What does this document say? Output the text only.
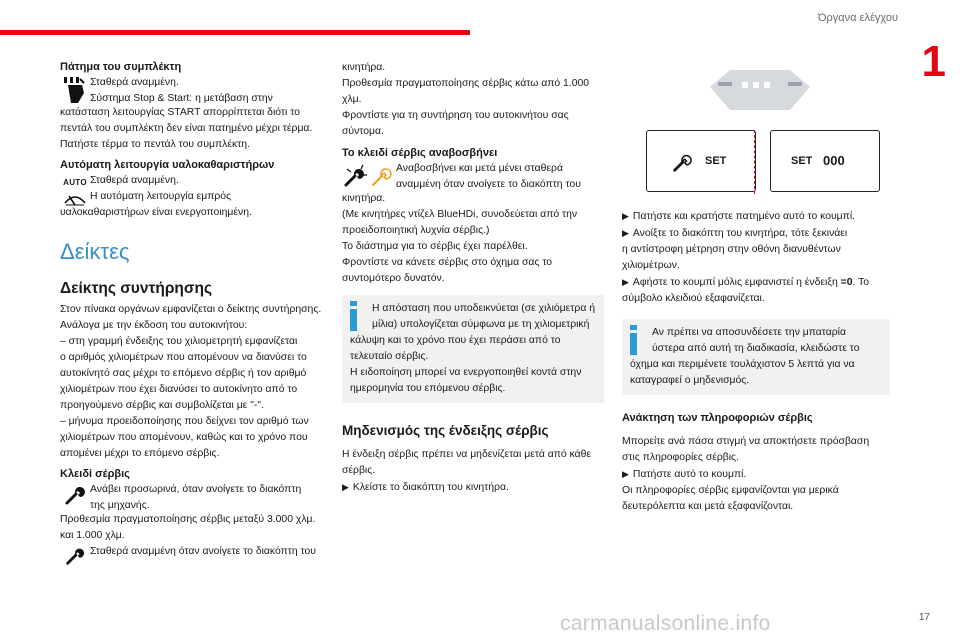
Όργανα ελέγχου
1
17
carmanualsonline.info

Πάτημα του συμπλέκτη

Σταθερά αναμμένη.

Σύστημα Stop & Start: η μετάβαση στην

κατάσταση λειτουργίας START απορρίπτεται διότι το

πεντάλ του συμπλέκτη δεν είναι πατημένο μέχρι τέρμα.

Πατήστε τέρμα το πεντάλ του συμπλέκτη.

Αυτόματη λειτουργία υαλοκαθαριστήρων

AUTO Σταθερά αναμμένη.

Η αυτόματη λειτουργία εμπρός

υαλοκαθαριστήρων είναι ενεργοποιημένη.

Δείκτες

Δείκτης συντήρησης

Στον πίνακα οργάνων εμφανίζεται ο δείκτης συντήρησης.

Ανάλογα με την έκδοση του αυτοκινήτου:

– στη γραμμή ένδειξης του χιλιομετρητή εμφανίζεται

ο αριθμός χιλιομέτρων που απομένουν να διανύσει το

αυτοκίνητό σας μέχρι το επόμενο σέρβις ή τον αριθμό

χιλιομέτρων που έχει διανύσει το αυτοκίνητο από το

προηγούμενο σέρβις και συμβολίζεται με "-".

– μήνυμα προειδοποίησης που δείχνει τον αριθμό των

χιλιομέτρων που απομένουν, καθώς και το χρόνο που

απομένει μέχρι το επόμενο σέρβις.

Κλειδί σέρβις

Ανάβει προσωρινά, όταν ανοίγετε το διακόπτη

της μηχανής.

Προθεσμία πραγματοποίησης σέρβις μεταξύ 3.000 χλμ.

και 1.000 χλμ.

Σταθερά αναμμένη όταν ανοίγετε το διακόπτη του

κινητήρα.

Προθεσμία πραγματοποίησης σέρβις κάτω από 1.000

χλμ.

Φροντίστε για τη συντήρηση του αυτοκινήτου σας

σύντομα.

Το κλειδί σέρβις αναβοσβήνει

Αναβοσβήνει και μετά μένει σταθερά

αναμμένη όταν ανοίγετε το διακόπτη του

κινητήρα.

(Με κινητήρες ντίζελ BlueHDi, συνοδεύεται από την

προειδοποιητική λυχνία σέρβις.)

Το διάστημα για το σέρβις έχει παρέλθει.

Φροντίστε να κάνετε σέρβις στο όχημα σας το

συντομότερο δυνατόν.

Η απόσταση που υποδεικνύεται (σε χιλιόμετρα ή

μίλια) υπολογίζεται σύμφωνα με τη χιλιομετρική

κάλυψη και το χρόνο που έχει περάσει από το

τελευταίο σέρβις.

Η ειδοποίηση μπορεί να ενεργοποιηθεί κοντά στην

ημερομηνία του επόμενου σέρβις.

Μηδενισμός της ένδειξης σέρβις

Η ένδειξη σέρβις πρέπει να μηδενίζεται μετά από κάθε

σέρβις.

▶ Κλείστε το διακόπτη του κινητήρα.

SET	SET 000

▶ Πατήστε και κρατήστε πατημένο αυτό το κουμπί.

▶ Ανοίξτε το διακόπτη του κινητήρα, τότε ξεκινάει

η αντίστροφη μέτρηση στην οθόνη διανυθέντων

χιλιομέτρων.

▶ Αφήστε το κουμπί μόλις εμφανιστεί η ένδειξη =0. Το

σύμβολο κλειδιού εξαφανίζεται.

Αν πρέπει να αποσυνδέσετε την μπαταρία

ύστερα από αυτή τη διαδικασία, κλειδώστε το

όχημα και περιμένετε τουλάχιστον 5 λεπτά για να

καταγραφεί ο μηδενισμός.

Ανάκτηση των πληροφοριών σέρβις

Μπορείτε ανά πάσα στιγμή να αποκτήσετε πρόσβαση

στις πληροφορίες σέρβις.

▶ Πατήστε αυτό το κουμπί.

Οι πληροφορίες σέρβις εμφανίζονται για μερικά

δευτερόλεπτα και μετά εξαφανίζονται.
